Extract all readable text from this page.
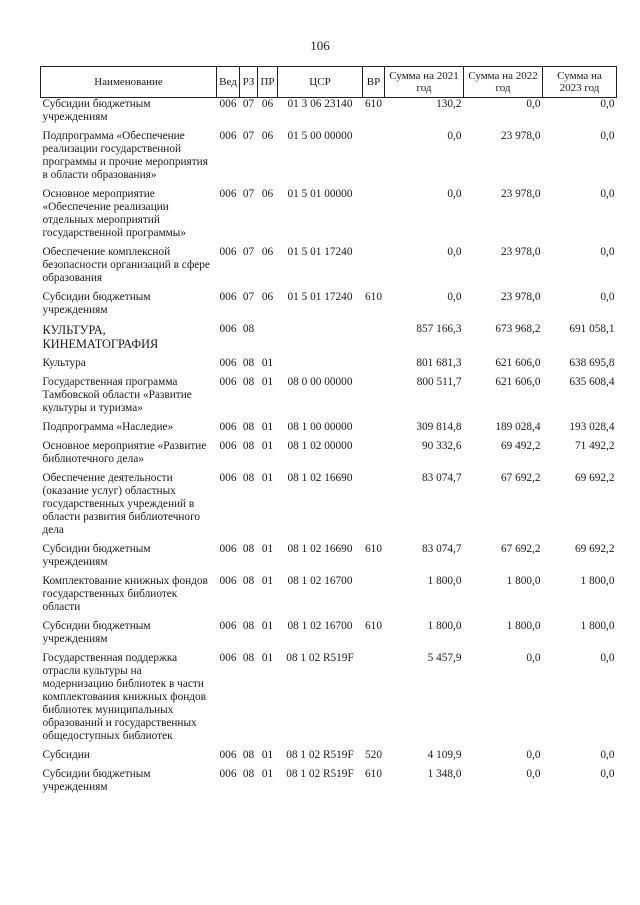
106
Наименование	Вед	РЗ	ПР	ЦСР	ВР	Сумма на 2021 год	Сумма на 2022 год	Сумма на 2023 год
Субсидии бюджетным учреждениям	006	07	06	01 3 06 23140	610	130,2	0,0	0,0
Подпрограмма «Обеспечение реализации государственной программы и прочие мероприятия в области образования»	006	07	06	01 5 00 00000		0,0	23 978,0	0,0
Основное мероприятие «Обеспечение реализации отдельных мероприятий государственной программы»	006	07	06	01 5 01 00000		0,0	23 978,0	0,0
Обеспечение комплексной безопасности организаций в сфере образования	006	07	06	01 5 01 17240		0,0	23 978,0	0,0
Субсидии бюджетным учреждениям	006	07	06	01 5 01 17240	610	0,0	23 978,0	0,0
КУЛЬТУРА, КИНЕМАТОГРАФИЯ	006	08				857 166,3	673 968,2	691 058,1
Культура	006	08	01			801 681,3	621 606,0	638 695,8
Государственная программа Тамбовской области «Развитие культуры и туризма»	006	08	01	08 0 00 00000		800 511,7	621 606,0	635 608,4
Подпрограмма «Наследие»	006	08	01	08 1 00 00000		309 814,8	189 028,4	193 028,4
Основное мероприятие «Развитие библиотечного дела»	006	08	01	08 1 02 00000		90 332,6	69 492,2	71 492,2
Обеспечение деятельности (оказание услуг) областных государственных учреждений в области развития библиотечного дела	006	08	01	08 1 02 16690		83 074,7	67 692,2	69 692,2
Субсидии бюджетным учреждениям	006	08	01	08 1 02 16690	610	83 074,7	67 692,2	69 692,2
Комплектование книжных фондов государственных библиотек области	006	08	01	08 1 02 16700		1 800,0	1 800,0	1 800,0
Субсидии бюджетным учреждениям	006	08	01	08 1 02 16700	610	1 800,0	1 800,0	1 800,0
Государственная поддержка отрасли культуры на модернизацию библиотек в части комплектования книжных фондов библиотек муниципальных образований и государственных общедоступных библиотек	006	08	01	08 1 02 R519F		5 457,9	0,0	0,0
Субсидии	006	08	01	08 1 02 R519F	520	4 109,9	0,0	0,0
Субсидии бюджетным учреждениям	006	08	01	08 1 02 R519F	610	1 348,0	0,0	0,0
